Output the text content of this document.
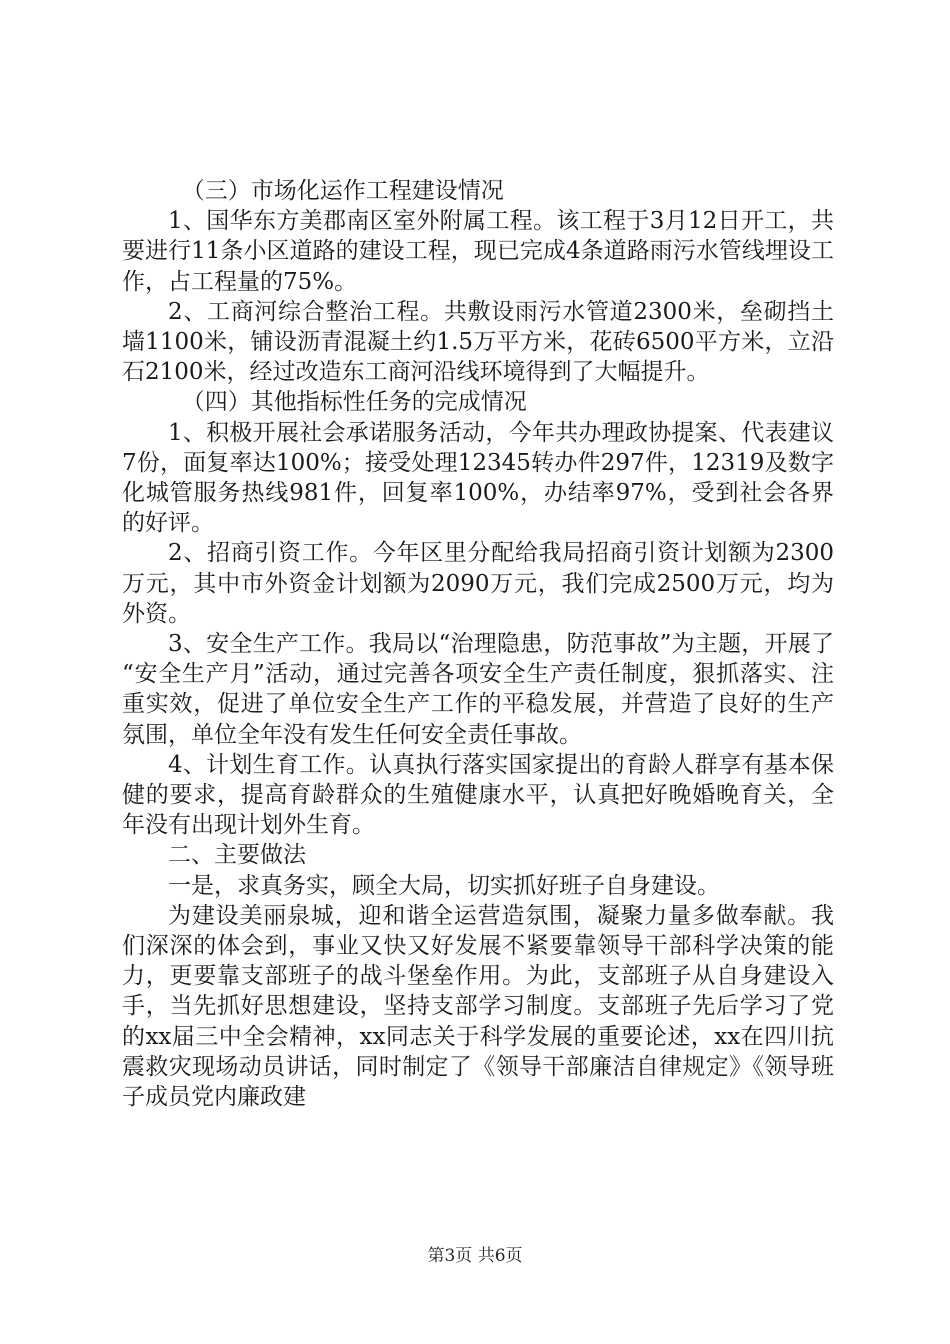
（三）市场化运作工程建设情况

1、国华东方美郡南区室外附属工程。该工程于3月12日开工，共要进行11条小区道路的建设工程，现已完成4条道路雨污水管线埋设工作，占工程量的75%。

2、工商河综合整治工程。共敷设雨污水管道2300米，垒砌挡土墙1100米，铺设沥青混凝土约1.5万平方米，花砖6500平方米，立沿石2100米，经过改造东工商河沿线环境得到了大幅提升。

（四）其他指标性任务的完成情况

1、积极开展社会承诺服务活动，今年共办理政协提案、代表建议7份，面复率达100%；接受处理12345转办件297件，12319及数字化城管服务热线981件，回复率100%，办结率97%，受到社会各界的好评。

2、招商引资工作。今年区里分配给我局招商引资计划额为2300万元，其中市外资金计划额为2090万元，我们完成2500万元，均为外资。

3、安全生产工作。我局以“治理隐患，防范事故”为主题，开展了“安全生产月”活动，通过完善各项安全生产责任制度，狠抓落实、注重实效，促进了单位安全生产工作的平稳发展，并营造了良好的生产氛围，单位全年没有发生任何安全责任事故。

4、计划生育工作。认真执行落实国家提出的育龄人群享有基本保健的要求，提高育龄群众的生殖健康水平，认真把好晚婚晚育关，全年没有出现计划外生育。

二、主要做法

一是，求真务实，顾全大局，切实抓好班子自身建设。

为建设美丽泉城，迎和谐全运营造氛围，凝聚力量多做奉献。我们深深的体会到，事业又快又好发展不紧要靠领导干部科学决策的能力，更要靠支部班子的战斗堡垒作用。为此，支部班子从自身建设入手，当先抓好思想建设，坚持支部学习制度。支部班子先后学习了党的xx届三中全会精神，xx同志关于科学发展的重要论述，xx在四川抗震救灾现场动员讲话，同时制定了《领导干部廉洁自律规定》《领导班子成员党内廉政建

第3页 共6页
